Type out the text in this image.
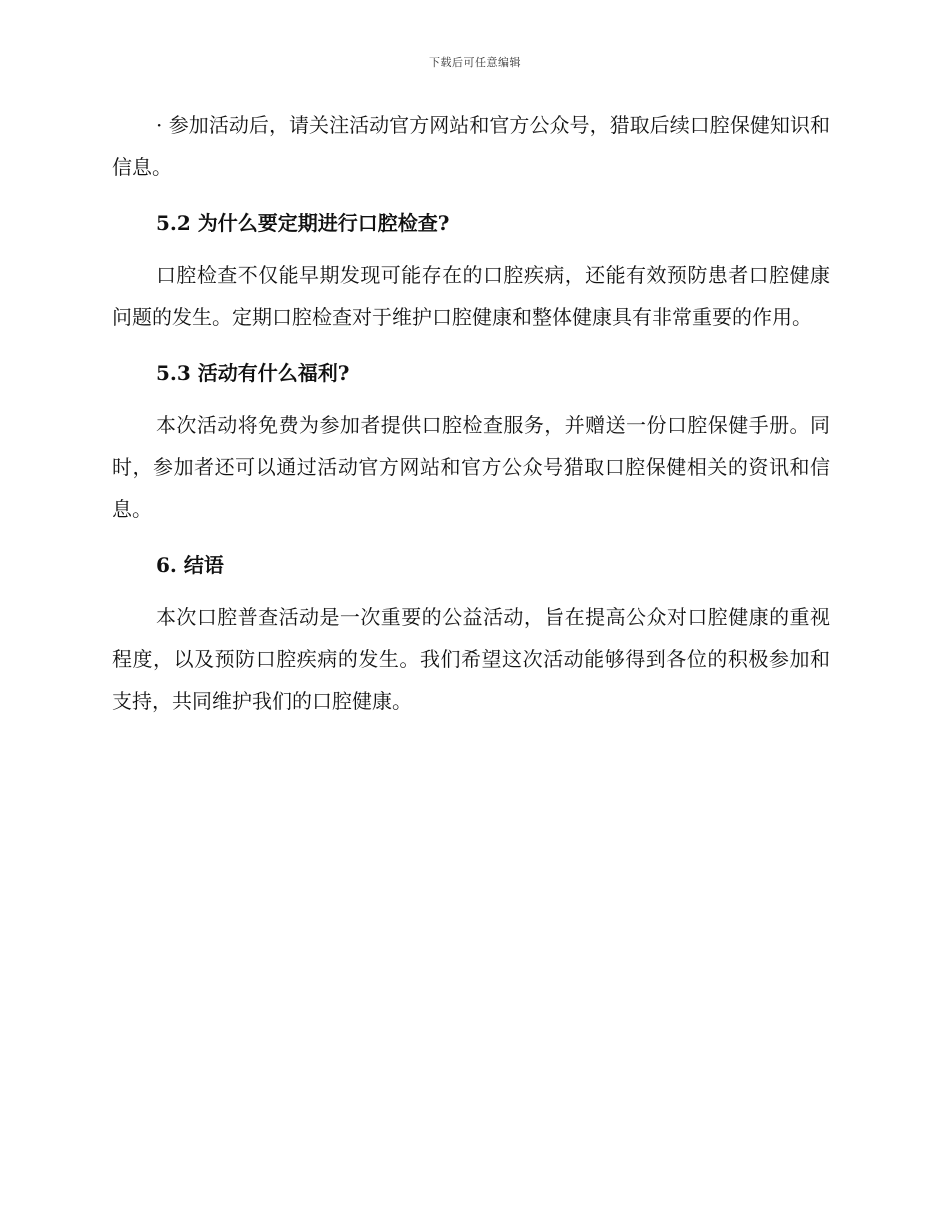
下载后可任意编辑

· 参加活动后，请关注活动官方网站和官方公众号，猎取后续口腔保健知识和信息。

5.2 为什么要定期进行口腔检查?

口腔检查不仅能早期发现可能存在的口腔疾病，还能有效预防患者口腔健康问题的发生。定期口腔检查对于维护口腔健康和整体健康具有非常重要的作用。

5.3 活动有什么福利?

本次活动将免费为参加者提供口腔检查服务，并赠送一份口腔保健手册。同时，参加者还可以通过活动官方网站和官方公众号猎取口腔保健相关的资讯和信息。

6. 结语

本次口腔普查活动是一次重要的公益活动，旨在提高公众对口腔健康的重视程度，以及预防口腔疾病的发生。我们希望这次活动能够得到各位的积极参加和支持，共同维护我们的口腔健康。
